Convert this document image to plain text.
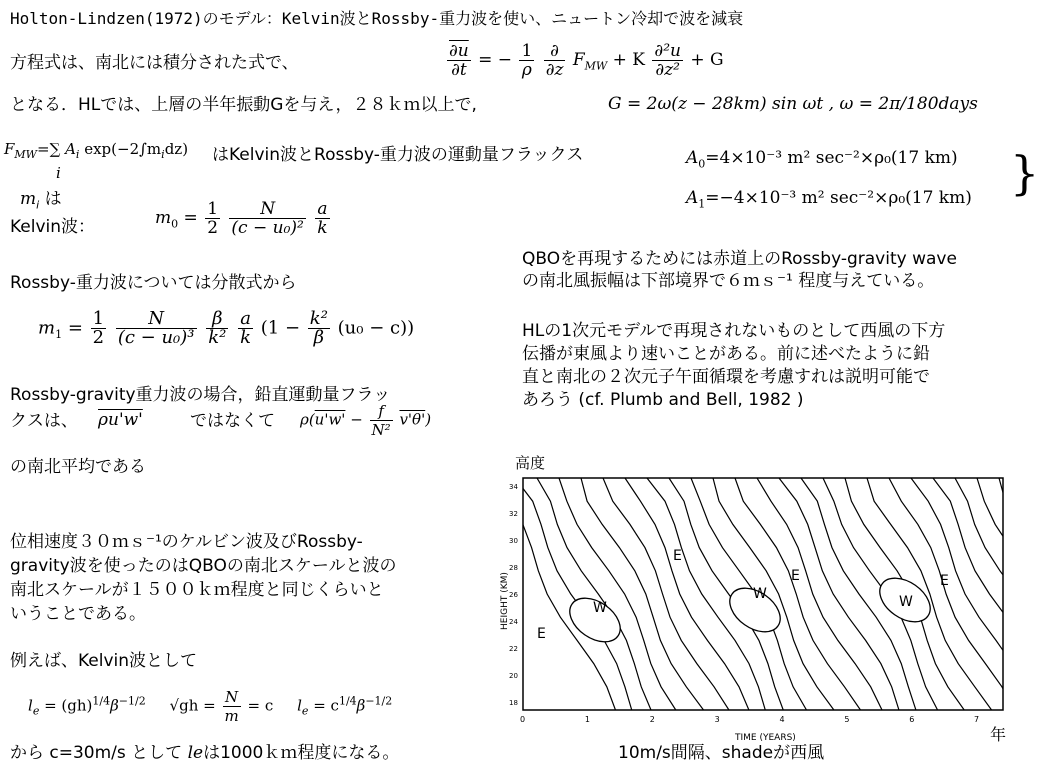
Holton-Lindzen(1972)のモデル：Kelvin波とRossby-重力波を使い、ニュートン冷却で波を減衰
方程式は、南北には積分された式で、	$\frac{\partial u}{\partial t}$ = − $\frac{1}{\rho}$
$\frac{\partial}{\partial z} F_{MW} + K \frac{\text{∂²u}}{\text{∂z²}} + G$
となる．HLでは、上層の半年振動Gを与え，２８ｋｍ以上で,	G = 2ω(z − 28km) sin ωt , ω = 2π/180days
$F_{MW}=\sum$ $A_i$ $\exp(-2\int m_idz)$
i
はKelvin波とRossby-重力波の運動量フラックス	$A_0=4\times 10^{-3}$ m² sec⁻²×ρ₀(17 km)
$A_1=-4\times 10^{-3}$ m² sec⁻²×ρ₀(17 km) }
$m_i$ は
Kelvin波：	$m_0 = \frac{1}{2}$
$\frac{N}{\text{(c − u₀)²}}$
$\frac{a}{k}$
Rossby-重力波については分散式から
$m_1 = \frac{1}{2}$
$\frac{N}{\text{(c − u₀)³}}$
$\frac{\beta}{\text{k²}}$
$\frac{a}{k} (1 - \frac{\text{k²}}{\beta} (u_0 - c))$
Rossby-gravity重力波の場合，鉛直運動量フラッ
クスは、 ρu'w'	ではなくて $\rho(u'w' - \frac{f}{\text{N²}} v'\theta')$
の南北平均である
位相速度３０ｍｓ⁻¹のケルビン波及びRossby-
gravity波を使ったのはQBOの南北スケールと波の
南北スケールが１５００ｋｍ程度と同じくらいと
いうことである。
例えば、Kelvin波として
$l_e = (gh)^{1/4}\beta^{-1/2}$ $√gh = \frac{N}{m} = c$ $l_e = c^{1/4}\beta^{-1/2}$
から c=30m/s として leは1000ｋｍ程度になる。
QBOを再現するためには赤道上のRossby-gravity wave
の南北風振幅は下部境界で６ｍｓ⁻¹ 程度与えている。
HLの1次元モデルで再現されないものとして西風の下方
伝播が東風より速いことがある。前に述べたように鉛
直と南北の２次元子午面循環を考慮すれは説明可能で
あろう (cf. Plumb and Bell, 1982 )
高度
年
10m/s間隔、shadeが西風
0	1	2	3	4	5	6	7
18
20
22
24
26
28
30
32
34
E
W
E
W
E
W
E
HEIGHT (KM)
TIME (YEARS)
